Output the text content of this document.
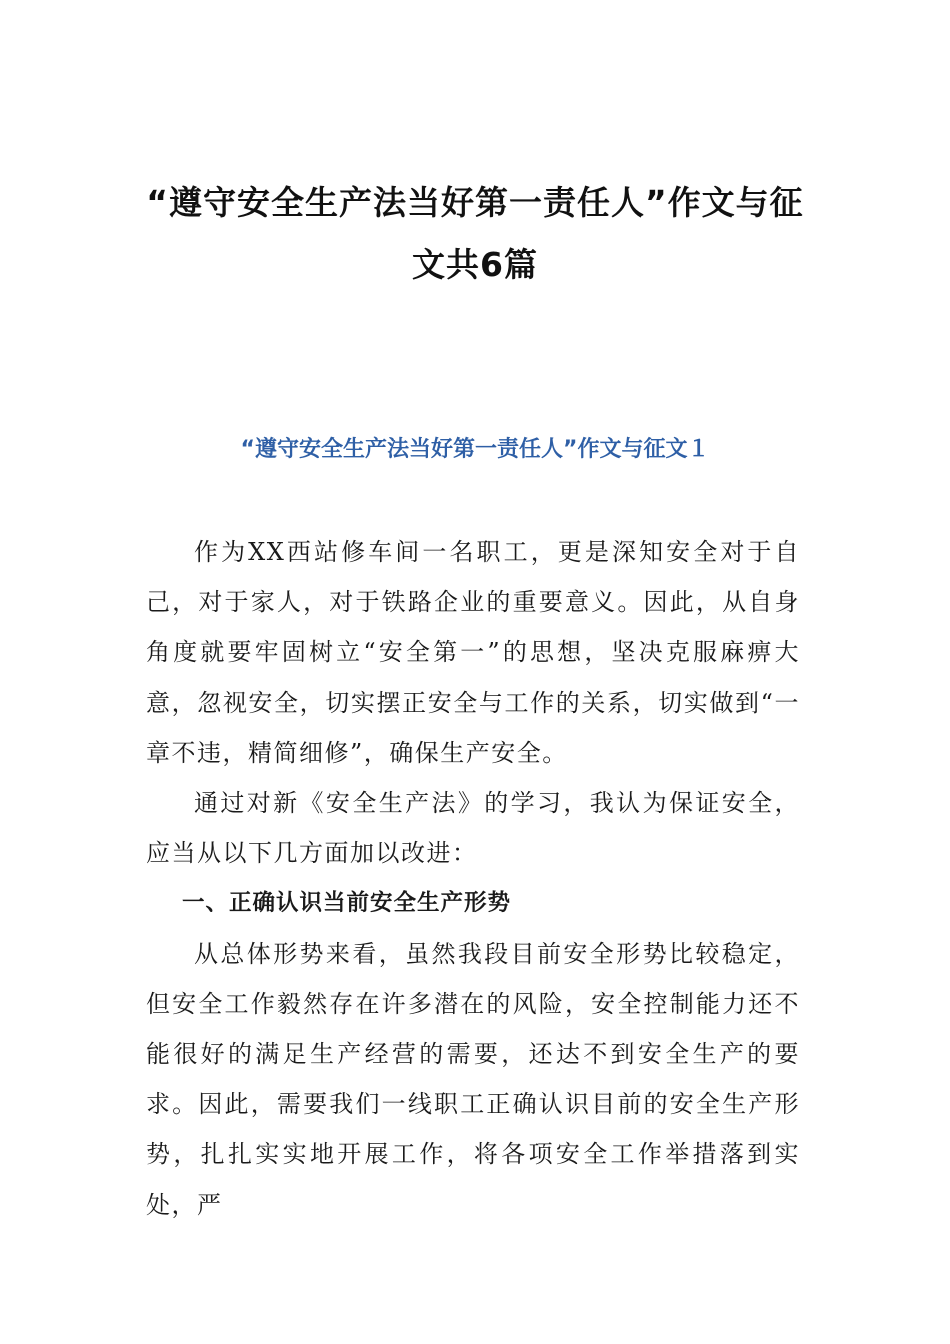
“遵守安全生产法当好第一责任人”作文与征文共6篇
“遵守安全生产法当好第一责任人”作文与征文１

作为XX西站修车间一名职工，更是深知安全对于自己，对于家人，对于铁路企业的重要意义。因此，从自身角度就要牢固树立“安全第一”的思想，坚决克服麻痹大意，忽视安全，切实摆正安全与工作的关系，切实做到“一章不违，精简细修”，确保生产安全。

通过对新《安全生产法》的学习，我认为保证安全，应当从以下几方面加以改进：

一、正确认识当前安全生产形势

从总体形势来看，虽然我段目前安全形势比较稳定，但安全工作毅然存在许多潜在的风险，安全控制能力还不能很好的满足生产经营的需要，还达不到安全生产的要求。因此，需要我们一线职工正确认识目前的安全生产形势，扎扎实实地开展工作，将各项安全工作举措落到实处，严
